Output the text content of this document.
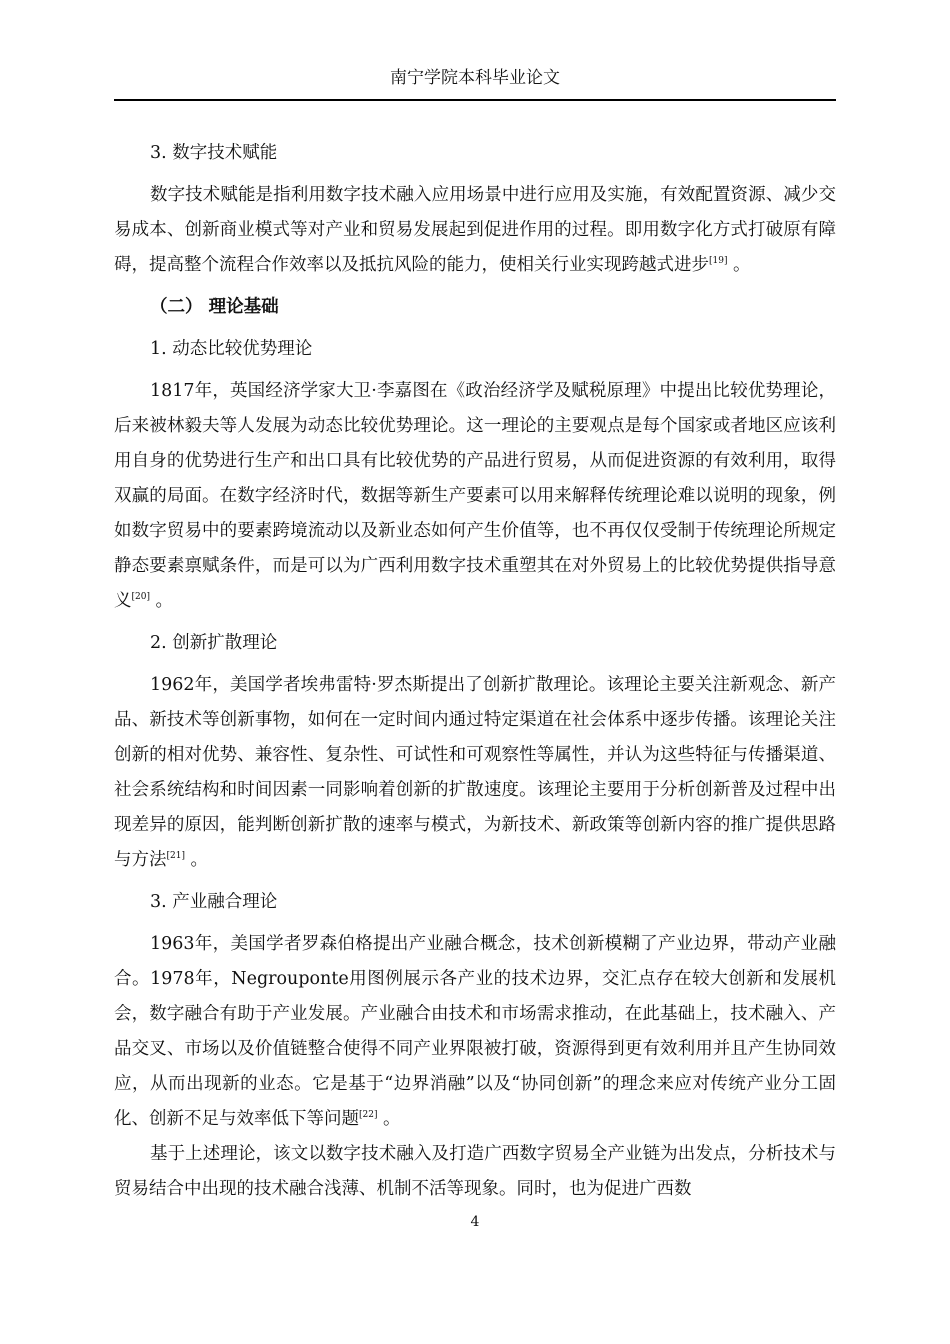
南宁学院本科毕业论文

3. 数字技术赋能

数字技术赋能是指利用数字技术融入应用场景中进行应用及实施，有效配置资源、减少交易成本、创新商业模式等对产业和贸易发展起到促进作用的过程。即用数字化方式打破原有障碍，提高整个流程合作效率以及抵抗风险的能力，使相关行业实现跨越式进步[19] 。

（二） 理论基础

1. 动态比较优势理论

1817年，英国经济学家大卫·李嘉图在《政治经济学及赋税原理》中提出比较优势理论，后来被林毅夫等人发展为动态比较优势理论。这一理论的主要观点是每个国家或者地区应该利用自身的优势进行生产和出口具有比较优势的产品进行贸易，从而促进资源的有效利用，取得双赢的局面。在数字经济时代，数据等新生产要素可以用来解释传统理论难以说明的现象，例如数字贸易中的要素跨境流动以及新业态如何产生价值等，也不再仅仅受制于传统理论所规定静态要素禀赋条件，而是可以为广西利用数字技术重塑其在对外贸易上的比较优势提供指导意义[20] 。

2. 创新扩散理论

1962年，美国学者埃弗雷特·罗杰斯提出了创新扩散理论。该理论主要关注新观念、新产品、新技术等创新事物，如何在一定时间内通过特定渠道在社会体系中逐步传播。该理论关注创新的相对优势、兼容性、复杂性、可试性和可观察性等属性，并认为这些特征与传播渠道、社会系统结构和时间因素一同影响着创新的扩散速度。该理论主要用于分析创新普及过程中出现差异的原因，能判断创新扩散的速率与模式，为新技术、新政策等创新内容的推广提供思路与方法[21] 。

3. 产业融合理论

1963年，美国学者罗森伯格提出产业融合概念，技术创新模糊了产业边界，带动产业融合。1978年，Negrouponte用图例展示各产业的技术边界，交汇点存在较大创新和发展机会，数字融合有助于产业发展。产业融合由技术和市场需求推动，在此基础上，技术融入、产品交叉、市场以及价值链整合使得不同产业界限被打破，资源得到更有效利用并且产生协同效应，从而出现新的业态。它是基于“边界消融”以及“协同创新”的理念来应对传统产业分工固化、创新不足与效率低下等问题[22] 。

基于上述理论，该文以数字技术融入及打造广西数字贸易全产业链为出发点，分析技术与贸易结合中出现的技术融合浅薄、机制不活等现象。同时，也为促进广西数

4
